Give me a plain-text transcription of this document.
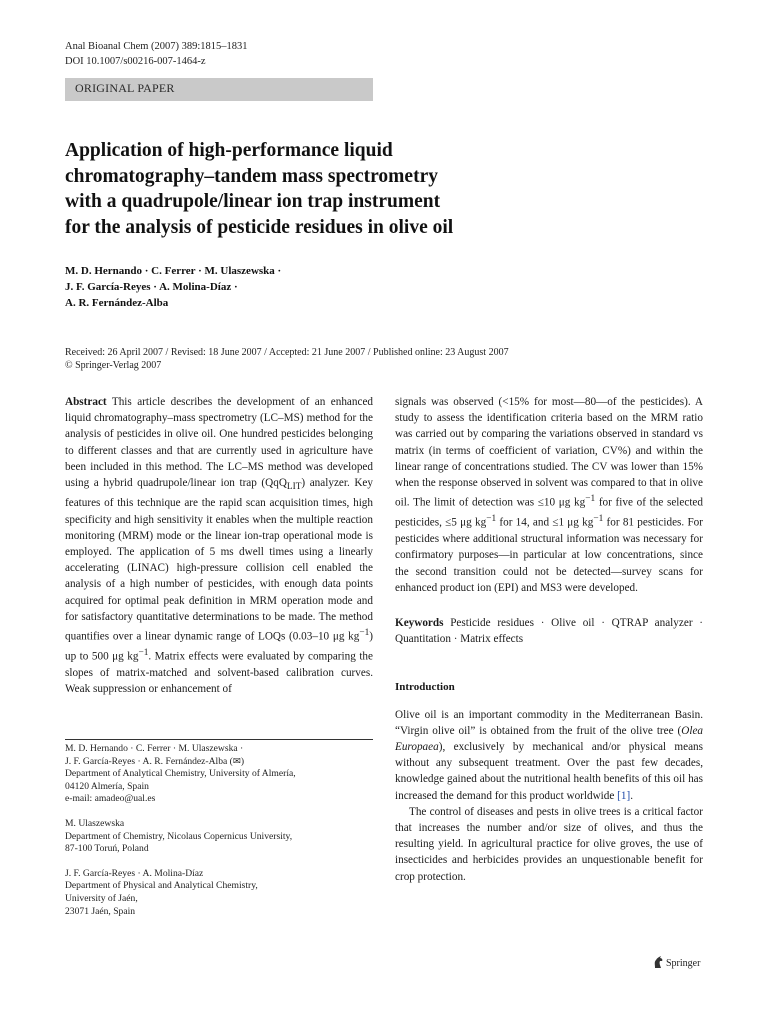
Anal Bioanal Chem (2007) 389:1815–1831
DOI 10.1007/s00216-007-1464-z
ORIGINAL PAPER
Application of high-performance liquid
chromatography–tandem mass spectrometry
with a quadrupole/linear ion trap instrument
for the analysis of pesticide residues in olive oil
M. D. Hernando · C. Ferrer · M. Ulaszewska ·
J. F. García-Reyes · A. Molina-Díaz ·
A. R. Fernández-Alba
Received: 26 April 2007 / Revised: 18 June 2007 / Accepted: 21 June 2007 / Published online: 23 August 2007
© Springer-Verlag 2007
Abstract This article describes the development of an enhanced liquid chromatography–mass spectrometry (LC–MS) method for the analysis of pesticides in olive oil. One hundred pesticides belonging to different classes and that are currently used in agriculture have been included in this method. The LC–MS method was developed using a hybrid quadrupole/linear ion trap (QqQ$_{LIT}$) analyzer. Key features of this technique are the rapid scan acquisition times, high specificity and high sensitivity it enables when the multiple reaction monitoring (MRM) mode or the linear ion-trap operational mode is employed. The application of 5 ms dwell times using a linearly accelerating (LINAC) high-pressure collision cell enabled the analysis of a high number of pesticides, with enough data points acquired for optimal peak definition in MRM operation mode and for satisfactory quantitative determinations to be made. The method quantifies over a linear dynamic range of LOQs (0.03–10 μg $kg^{-1}$) up to 500 μg $kg^{-1}$. Matrix effects were evaluated by comparing the slopes of matrix-matched and solvent-based calibration curves. Weak suppression or enhancement of
M. D. Hernando · C. Ferrer · M. Ulaszewska ·
J. F. García-Reyes · A. R. Fernández-Alba (✉)
Department of Analytical Chemistry, University of Almería,
04120 Almería, Spain
e-mail: amadeo@ual.es
M. Ulaszewska
Department of Chemistry, Nicolaus Copernicus University,
87-100 Toruń, Poland
J. F. García-Reyes · A. Molina-Díaz
Department of Physical and Analytical Chemistry,
University of Jaén,
23071 Jaén, Spain
signals was observed (<15% for most—80—of the pesticides). A study to assess the identification criteria based on the MRM ratio was carried out by comparing the variations observed in standard vs matrix (in terms of coefficient of variation, CV%) and within the linear range of concentrations studied. The CV was lower than 15% when the response observed in solvent was compared to that in olive oil. The limit of detection was ≤10 μg $kg^{-1}$ for five of the selected pesticides, ≤5 μg $kg^{-1}$ for 14, and ≤1 μg $kg^{-1}$ for 81 pesticides. For pesticides where additional structural information was necessary for confirmatory purposes—in particular at low concentrations, since the second transition could not be detected—survey scans for enhanced product ion (EPI) and MS3 were developed.
Keywords Pesticide residues · Olive oil · QTRAP analyzer · Quantitation · Matrix effects
Introduction
Olive oil is an important commodity in the Mediterranean Basin. “Virgin olive oil” is obtained from the fruit of the olive tree (Olea Europaea), exclusively by mechanical and/or physical means without any subsequent treatment. Over the past few decades, knowledge gained about the nutritional health benefits of this oil has increased the demand for this product worldwide [1].
The control of diseases and pests in olive trees is a critical factor that increases the number and/or size of olives, and thus the resulting yield. In agricultural practice for olive groves, the use of insecticides and herbicides provides an unquestionable benefit for crop protection.
Springer
